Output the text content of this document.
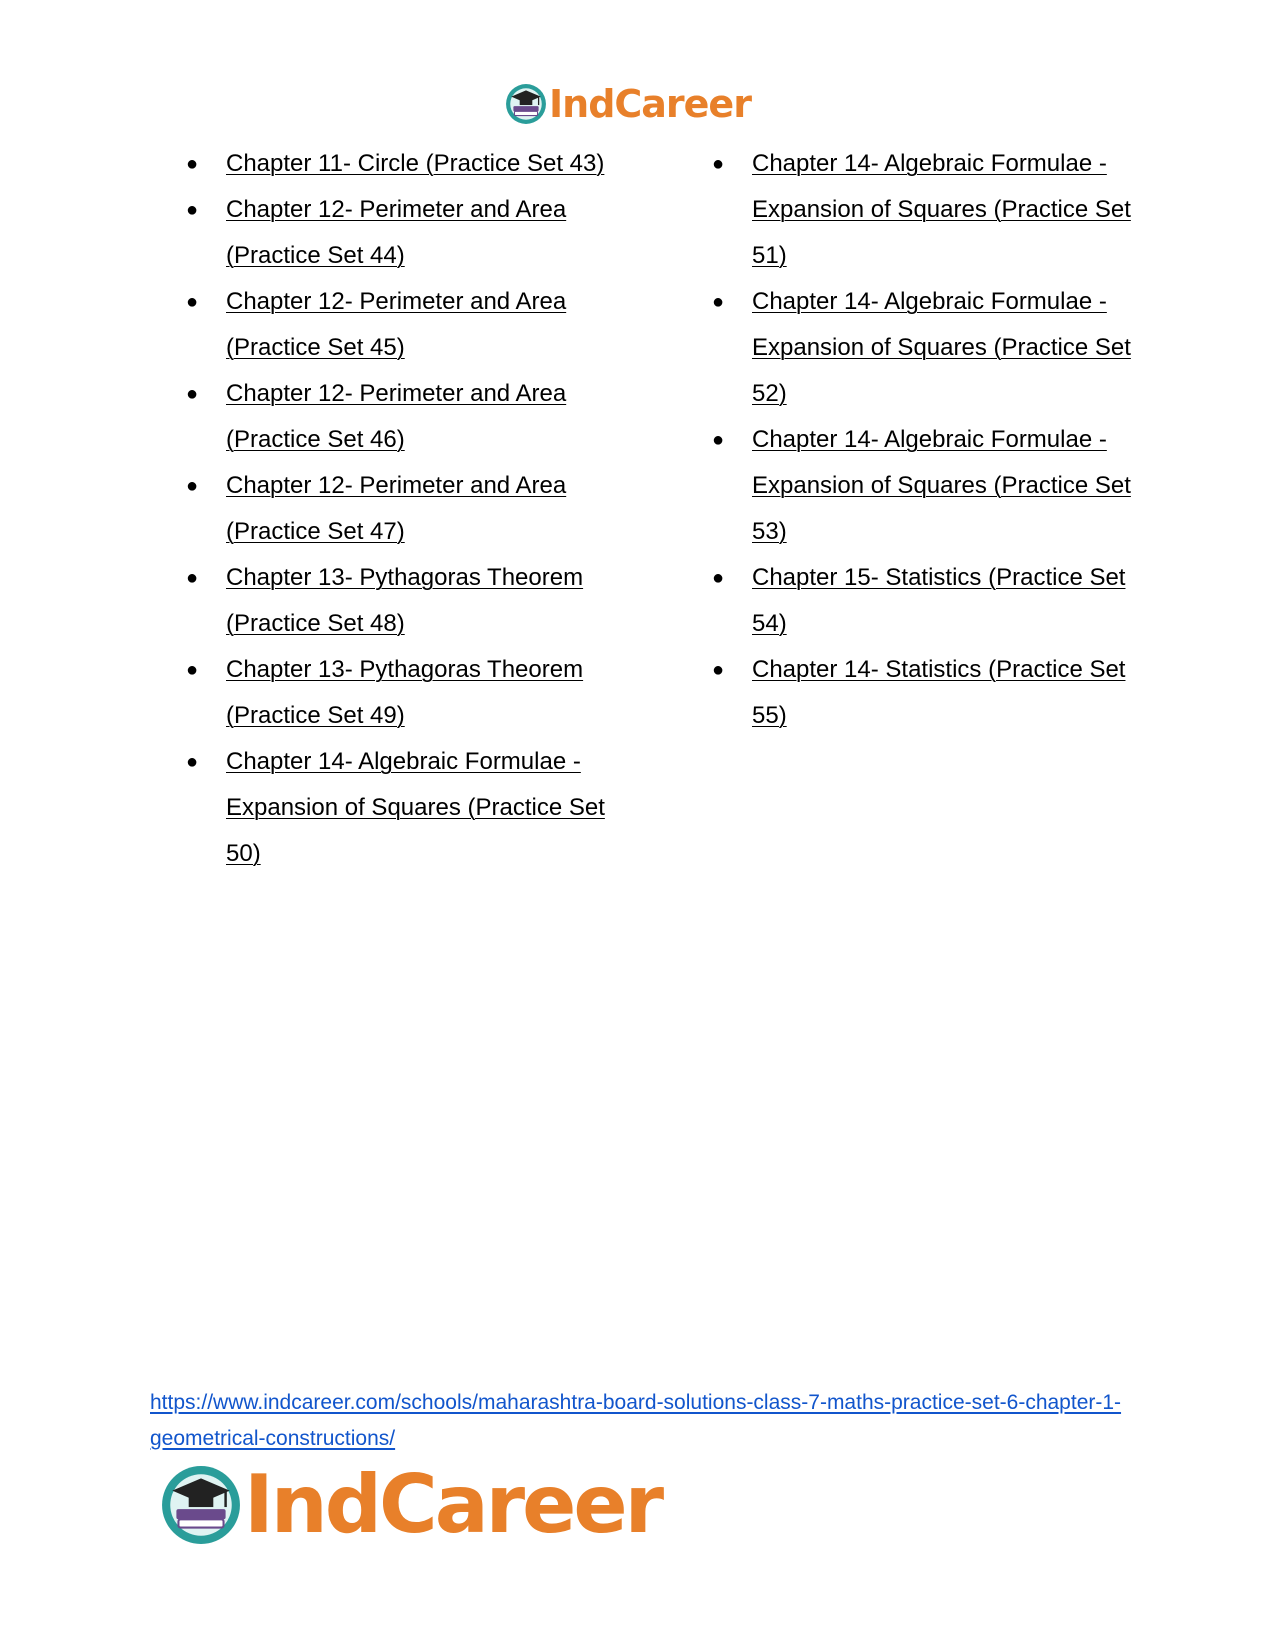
IndCareer
● Chapter 11- Circle (Practice Set 43)
● Chapter 12- Perimeter and Area (Practice Set 44)
● Chapter 12- Perimeter and Area (Practice Set 45)
● Chapter 12- Perimeter and Area (Practice Set 46)
● Chapter 12- Perimeter and Area (Practice Set 47)
● Chapter 13- Pythagoras Theorem (Practice Set 48)
● Chapter 13- Pythagoras Theorem (Practice Set 49)
● Chapter 14- Algebraic Formulae - Expansion of Squares (Practice Set 50)
● Chapter 14- Algebraic Formulae - Expansion of Squares (Practice Set 51)
● Chapter 14- Algebraic Formulae - Expansion of Squares (Practice Set 52)
● Chapter 14- Algebraic Formulae - Expansion of Squares (Practice Set 53)
● Chapter 15- Statistics (Practice Set 54)
● Chapter 14- Statistics (Practice Set 55)
https://www.indcareer.com/schools/maharashtra-board-solutions-class-7-maths-practice-set-6-chapter-1-geometrical-constructions/
IndCareer
